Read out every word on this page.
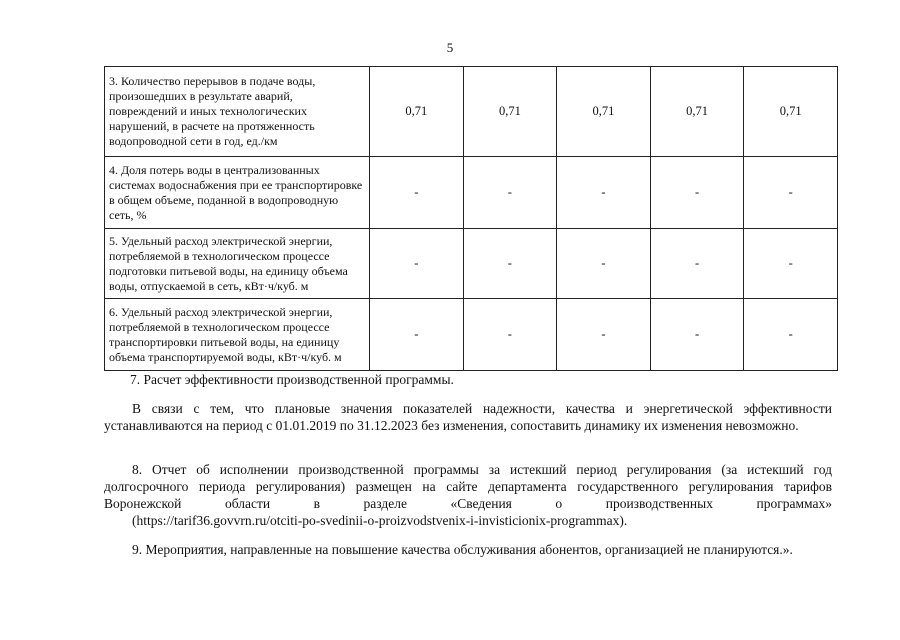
5
3. Количество перерывов в подаче воды, произошедших в результате аварий, повреждений и иных технологических нарушений, в расчете на протяженность водопроводной сети в год, ед./км	0,71	0,71	0,71	0,71	0,71
4. Доля потерь воды в централизованных системах водоснабжения при ее транспортировке в общем объеме, поданной в водопроводную сеть, %	-	-	-	-	-
5. Удельный расход электрической энергии, потребляемой в технологическом процессе подготовки питьевой воды, на единицу объема воды, отпускаемой в сеть, кВт·ч/куб. м	-	-	-	-	-
6. Удельный расход электрической энергии, потребляемой в технологическом процессе транспортировки питьевой воды, на единицу объема транспортируемой воды, кВт·ч/куб. м	-	-	-	-	-
7. Расчет эффективности производственной программы.
В связи с тем, что плановые значения показателей надежности, качества и энергетической эффективности устанавливаются на период с 01.01.2019 по 31.12.2023 без изменения, сопоставить динамику их изменения невозможно.
8. Отчет об исполнении производственной программы за истекший период регулирования (за истекший год долгосрочного периода регулирования) размещен на сайте департамента государственного регулирования тарифов Воронежской области в разделе «Сведения о производственных программах»
(https://tarif36.govvrn.ru/otciti-po-svedinii-o-proizvodstvenix-i-invisticionix-programmax).
9. Мероприятия, направленные на повышение качества обслуживания абонентов, организацией не планируются.».
